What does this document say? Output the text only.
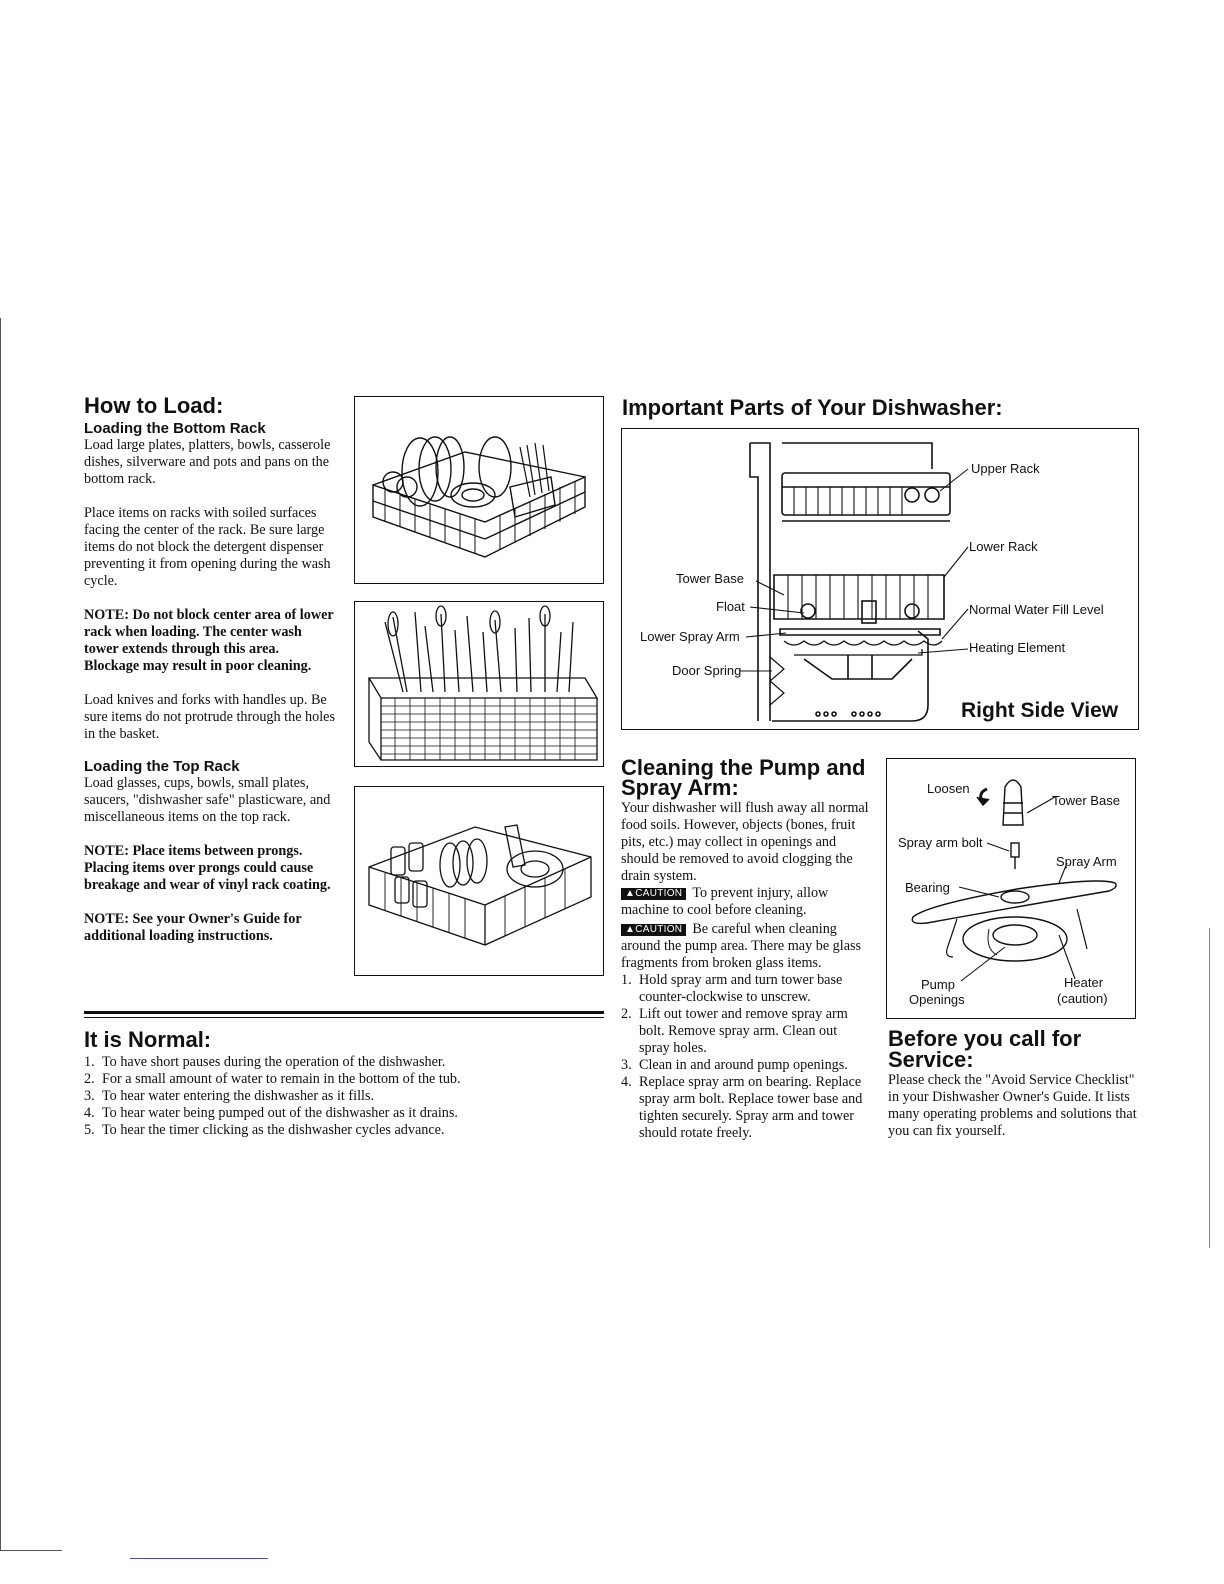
How to Load:
Loading the Bottom Rack

Load large plates, platters, bowls, casserole dishes, silverware and pots and pans on the bottom rack.

Place items on racks with soiled surfaces facing the center of the rack. Be sure large items do not block the detergent dispenser preventing it from opening during the wash cycle.

NOTE: Do not block center area of lower rack when loading. The center wash tower extends through this area. Blockage may result in poor cleaning.

Load knives and forks with handles up. Be sure items do not protrude through the holes in the basket.

Loading the Top Rack

Load glasses, cups, bowls, small plates, saucers, "dishwasher safe" plasticware, and miscellaneous items on the top rack.

NOTE: Place items between prongs. Placing items over prongs could cause breakage and wear of vinyl rack coating.

NOTE: See your Owner's Guide for additional loading instructions.

It is Normal:
1. To have short pauses during the operation of the dishwasher.
2. For a small amount of water to remain in the bottom of the tub.
3. To hear water entering the dishwasher as it fills.
4. To hear water being pumped out of the dishwasher as it drains.
5. To hear the timer clicking as the dishwasher cycles advance.
Important Parts of Your Dishwasher:
Upper Rack
Lower Rack
Tower Base
Float	Normal Water Fill Level
Lower Spray Arm
Heating Element
Door Spring
Right Side View
Cleaning the Pump and
Spray Arm:

Your dishwasher will flush away all normal food soils. However, objects (bones, fruit pits, etc.) may collect in openings and should be removed to avoid clogging the drain system.

▲CAUTION To prevent injury, allow machine to cool before cleaning.

▲CAUTION Be careful when cleaning around the pump area. There may be glass fragments from broken glass items.

1. Hold spray arm and turn tower base counter-clockwise to unscrew.
2. Lift out tower and remove spray arm bolt. Remove spray arm. Clean out spray holes.
3. Clean in and around pump openings.
4. Replace spray arm on bearing. Replace spray arm bolt. Replace tower base and tighten securely. Spray arm and tower should rotate freely.
Loosen
Tower Base
Spray arm bolt
Spray Arm
Bearing
Pump
Openings
Heater
(caution)
Before you call for
Service:

Please check the "Avoid Service Checklist" in your Dishwasher Owner's Guide. It lists many operating problems and solutions that you can fix yourself.
